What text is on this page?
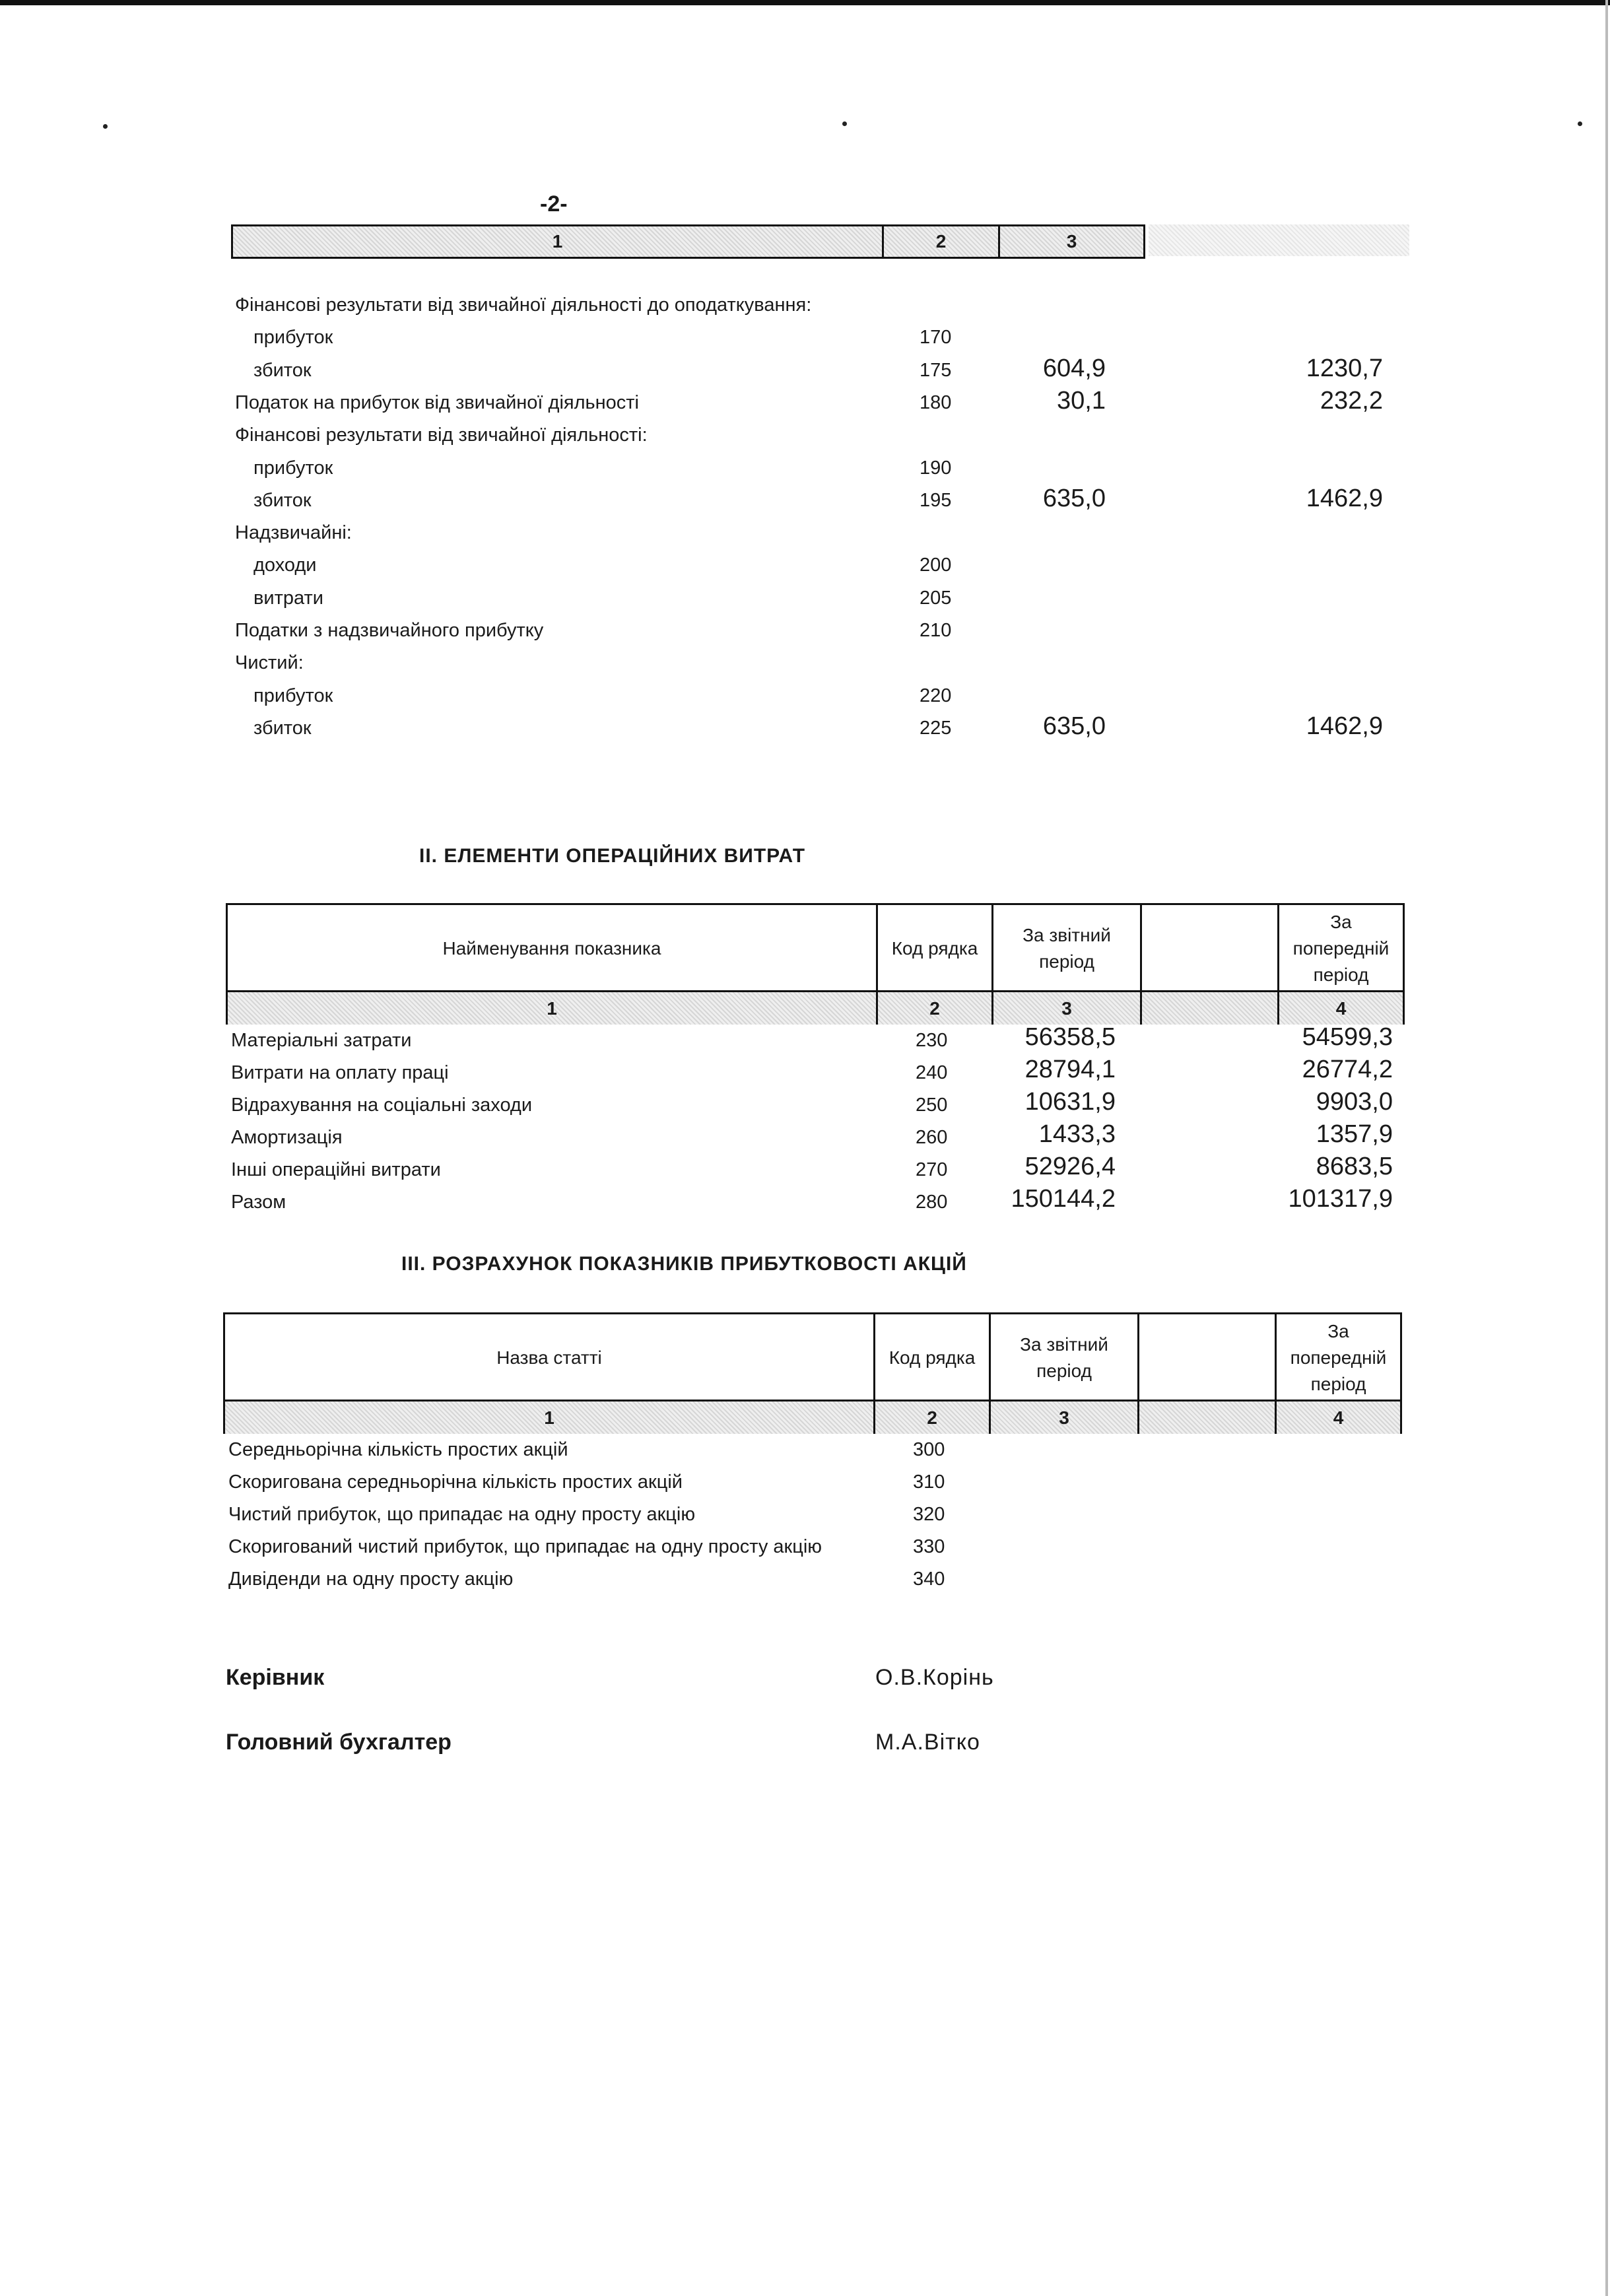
-2-
1	2	3
Фінансові результати від звичайної діяльності до оподаткування:
прибуток	170
збиток	175	604,9	1230,7
Податок на прибуток від звичайної діяльності	180	30,1	232,2
Фінансові результати від звичайної діяльності:
прибуток	190
збиток	195	635,0	1462,9
Надзвичайні:
доходи	200
витрати	205
Податки з надзвичайного прибутку	210
Чистий:
прибуток	220
збиток	225	635,0	1462,9
II. ЕЛЕМЕНТИ ОПЕРАЦІЙНИХ ВИТРАТ
Найменування показника	Код рядка
За звітний
період
За
попередній
період
1	2	3	4
Матеріальні затрати	230	56358,5	54599,3
Витрати на оплату праці	240	28794,1	26774,2
Відрахування на соціальні заходи	250	10631,9	9903,0
Амортизація	260	1433,3	1357,9
Інші операційні витрати	270	52926,4	8683,5
Разом	280	150144,2	101317,9
III. РОЗРАХУНОК ПОКАЗНИКІВ ПРИБУТКОВОСТІ АКЦІЙ
Назва статті	Код рядка
За звітний
період
За
попередній
період
1	2	3	4
Середньорічна кількість простих акцій	300
Скоригована середньорічна кількість простих акцій	310
Чистий прибуток, що припадає на одну просту акцію	320
Скоригований чистий прибуток, що припадає на одну просту акцію	330
Дивіденди на одну просту акцію	340
Керівник	О.В.Корінь
Головний бухгалтер	М.А.Вітко
